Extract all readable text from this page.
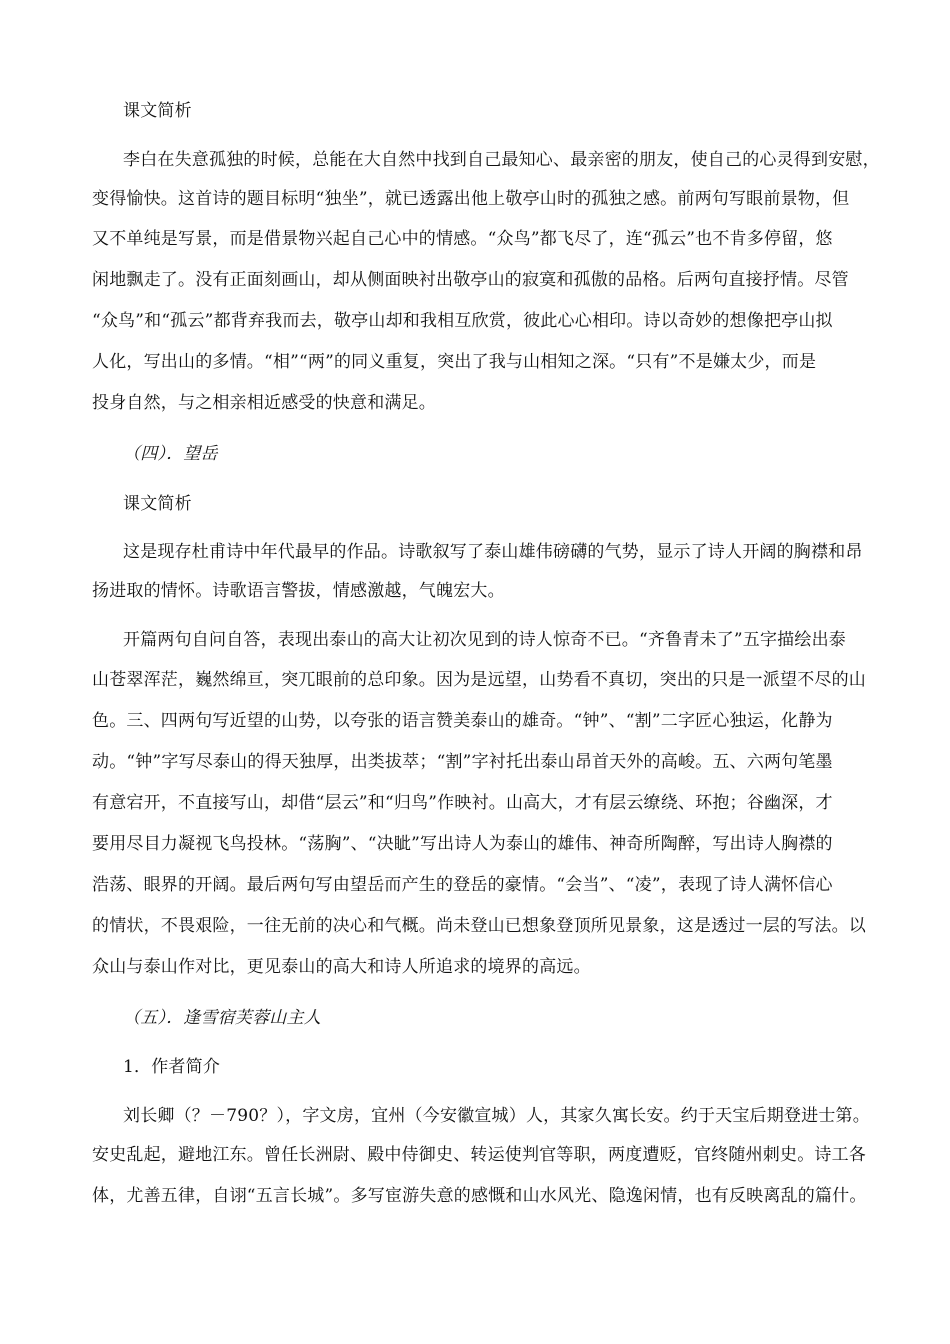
课文简析
李白在失意孤独的时候，总能在大自然中找到自己最知心、最亲密的朋友，使自己的心灵得到安慰，
变得愉快。这首诗的题目标明“独坐”，就已透露出他上敬亭山时的孤独之感。前两句写眼前景物，但
又不单纯是写景，而是借景物兴起自己心中的情感。“众鸟”都飞尽了，连“孤云”也不肯多停留，悠
闲地飘走了。没有正面刻画山，却从侧面映衬出敬亭山的寂寞和孤傲的品格。后两句直接抒情。尽管
“众鸟”和“孤云”都背弃我而去，敬亭山却和我相互欣赏，彼此心心相印。诗以奇妙的想像把亭山拟
人化，写出山的多情。“相”“两”的同义重复，突出了我与山相知之深。“只有”不是嫌太少，而是
投身自然，与之相亲相近感受的快意和满足。
（四）．望岳
课文简析
这是现存杜甫诗中年代最早的作品。诗歌叙写了泰山雄伟磅礴的气势，显示了诗人开阔的胸襟和昂
扬进取的情怀。诗歌语言警拔，情感激越，气魄宏大。
开篇两句自问自答，表现出泰山的高大让初次见到的诗人惊奇不已。“齐鲁青未了”五字描绘出泰
山苍翠浑茫，巍然绵亘，突兀眼前的总印象。因为是远望，山势看不真切，突出的只是一派望不尽的山
色。三、四两句写近望的山势，以夸张的语言赞美泰山的雄奇。“钟”、“割”二字匠心独运，化静为
动。“钟”字写尽泰山的得天独厚，出类拔萃；“割”字衬托出泰山昂首天外的高峻。五、六两句笔墨
有意宕开，不直接写山，却借“层云”和“归鸟”作映衬。山高大，才有层云缭绕、环抱；谷幽深，才
要用尽目力凝视飞鸟投林。“荡胸”、“决眦”写出诗人为泰山的雄伟、神奇所陶醉，写出诗人胸襟的
浩荡、眼界的开阔。最后两句写由望岳而产生的登岳的豪情。“会当”、“凌”，表现了诗人满怀信心
的情状，不畏艰险，一往无前的决心和气概。尚未登山已想象登顶所见景象，这是透过一层的写法。以
众山与泰山作对比，更见泰山的高大和诗人所追求的境界的高远。
（五）．逢雪宿芙蓉山主人
1．作者简介
刘长卿（？－790？），字文房，宜州（今安徽宣城）人，其家久寓长安。约于天宝后期登进士第。
安史乱起，避地江东。曾任长洲尉、殿中侍御史、转运使判官等职，两度遭贬，官终随州刺史。诗工各
体，尤善五律，自诩“五言长城”。多写宦游失意的感慨和山水风光、隐逸闲情，也有反映离乱的篇什。
